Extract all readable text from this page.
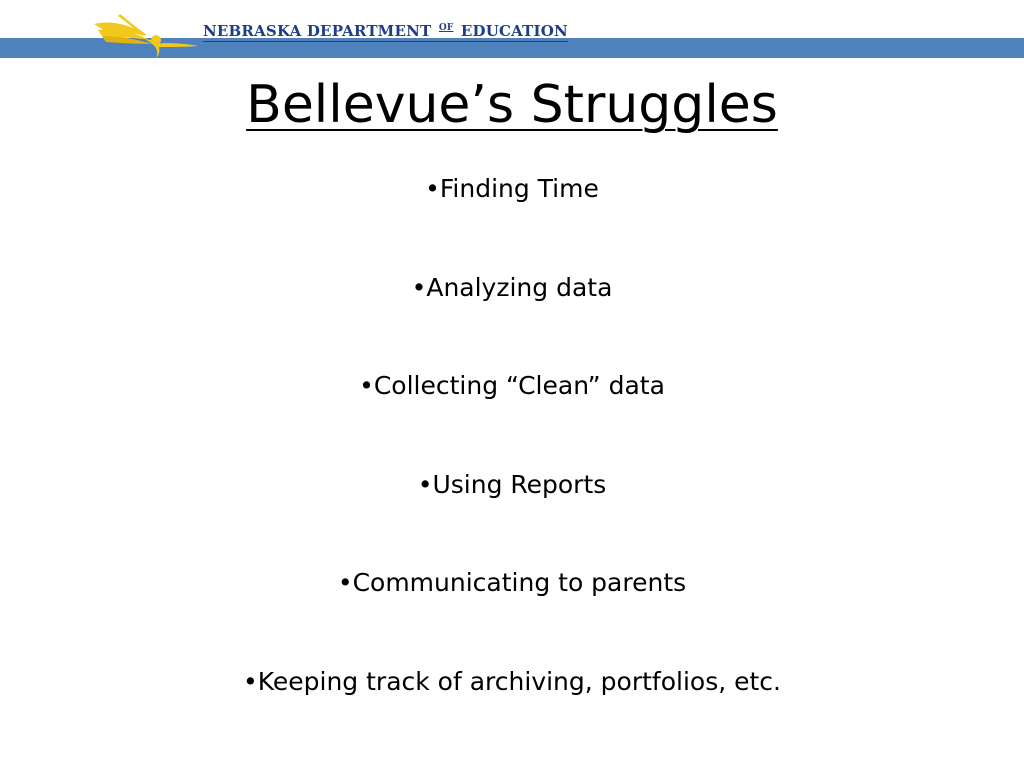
NEBRASKA DEPARTMENT $^{OF}$ EDUCATION
Bellevue’s Struggles
•Finding Time
•Analyzing data
•Collecting “Clean” data
•Using Reports
•Communicating to parents
•Keeping track of archiving, portfolios, etc.
